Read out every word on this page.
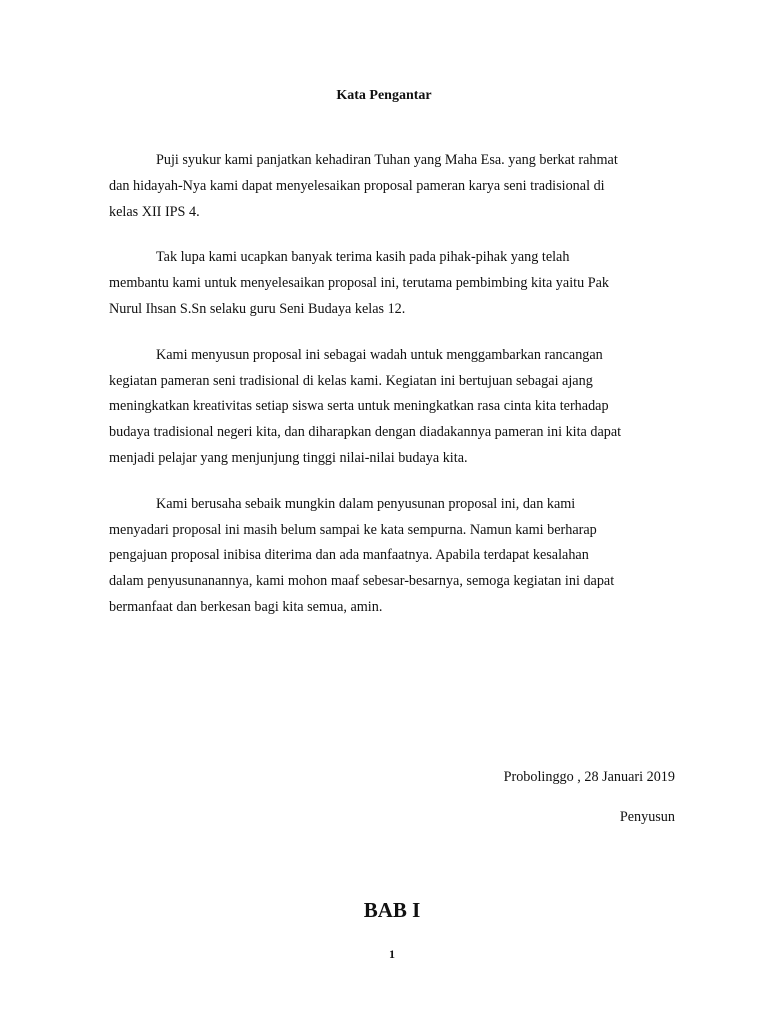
Kata Pengantar
Puji syukur kami panjatkan kehadiran Tuhan yang Maha Esa. yang berkat rahmat
dan hidayah-Nya kami dapat menyelesaikan proposal pameran karya seni tradisional di
kelas XII IPS 4.
Tak lupa kami ucapkan banyak terima kasih pada pihak-pihak yang telah
membantu kami untuk menyelesaikan proposal ini, terutama pembimbing kita yaitu Pak
Nurul Ihsan S.Sn selaku guru Seni Budaya kelas 12.
Kami menyusun proposal ini sebagai wadah untuk menggambarkan rancangan
kegiatan pameran seni tradisional di kelas kami. Kegiatan ini bertujuan sebagai ajang
meningkatkan kreativitas setiap siswa serta untuk meningkatkan rasa cinta kita terhadap
budaya tradisional negeri kita, dan diharapkan dengan diadakannya pameran ini kita dapat
menjadi pelajar yang menjunjung tinggi nilai-nilai budaya kita.
Kami berusaha sebaik mungkin dalam penyusunan proposal ini, dan kami
menyadari proposal ini masih belum sampai ke kata sempurna. Namun kami berharap
pengajuan proposal inibisa diterima dan ada manfaatnya. Apabila terdapat kesalahan
dalam penyusunanannya, kami mohon maaf sebesar-besarnya, semoga kegiatan ini dapat
bermanfaat dan berkesan bagi kita semua, amin.
Probolinggo , 28 Januari 2019
Penyusun
BAB I
1
